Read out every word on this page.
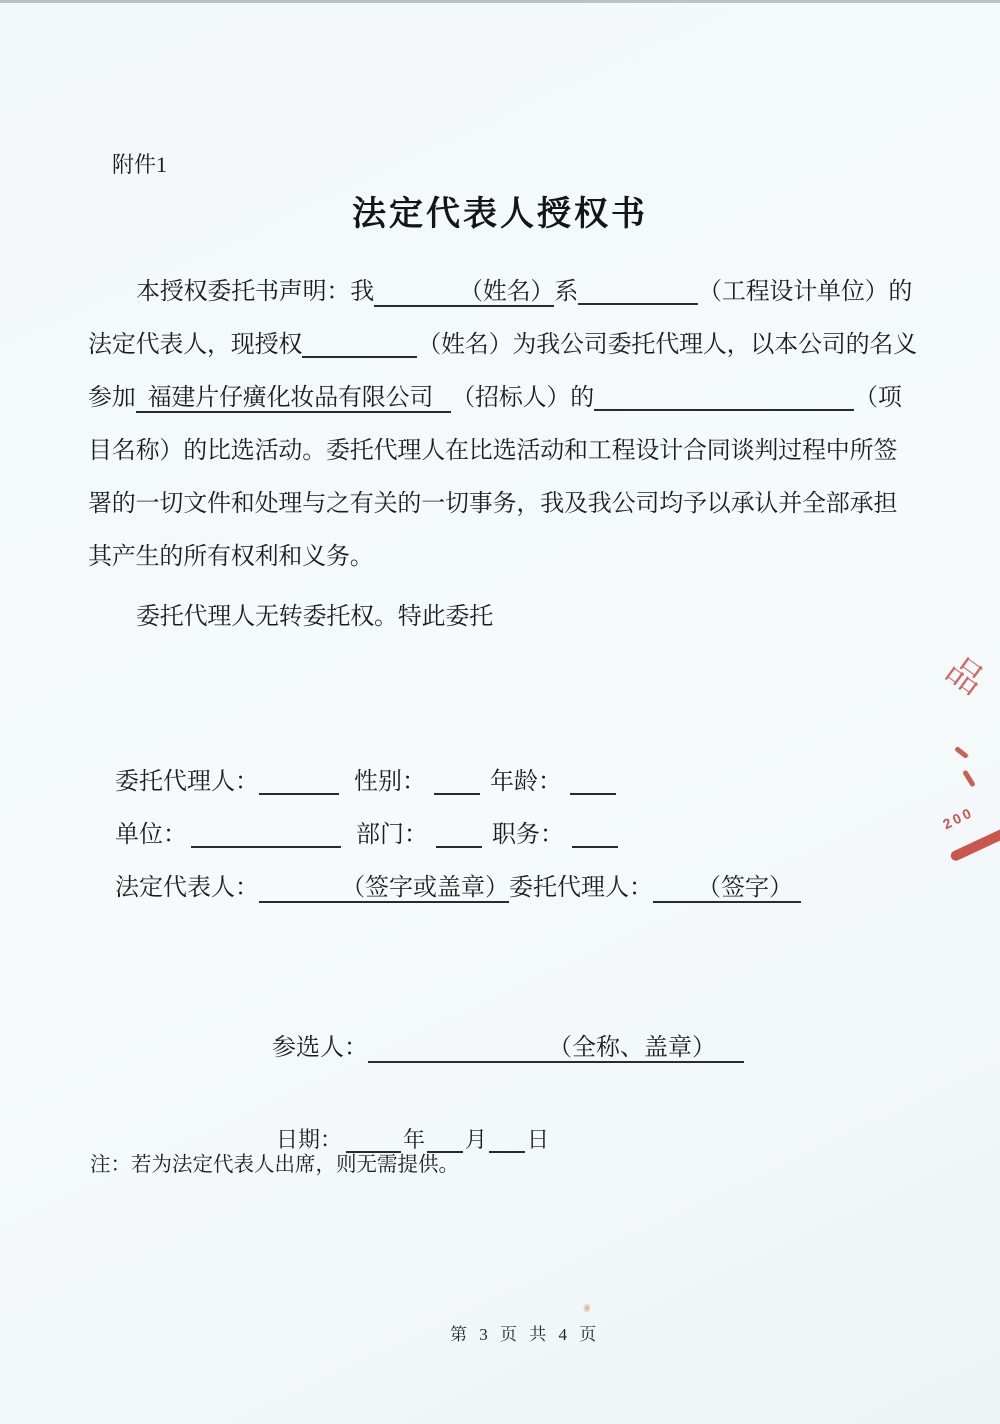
附件1
法定代表人授权书
本授权委托书声明：我	（姓名）系	（工程设计单位）的
法定代表人，现授权	（姓名）为我公司委托代理人，以本公司的名义
参加 福建片仔癀化妆品有限公司 （招标人）的	（项
目名称）的比选活动。委托代理人在比选活动和工程设计合同谈判过程中所签
署的一切文件和处理与之有关的一切事务，我及我公司均予以承认并全部承担
其产生的所有权利和义务。
委托代理人无转委托权。特此委托
委托代理人：	性别：	年龄：
单位：	部门：	职务：
法定代表人：	（签字或盖章）委托代理人： （签字）
参选人：	（全称、盖章）
日期：	年 月 日
注：若为法定代表人出席，则无需提供。
第 3 页 共 4 页
品
200
